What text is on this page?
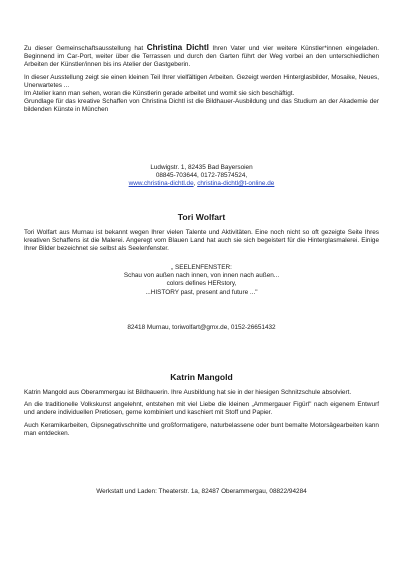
Zu dieser Gemeinschaftsausstellung hat Christina Dichtl Ihren Vater und vier weitere Künstler*innen eingeladen. Beginnend im Car-Port, weiter über die Terrassen und durch den Garten führt der Weg vorbei an den unterschiedlichen Arbeiten der Künstler/innen bis ins Atelier der Gastgeberin.
In dieser Ausstellung zeigt sie einen kleinen Teil Ihrer vielfältigen Arbeiten. Gezeigt werden Hinterglasbilder, Mosaike, Neues, Unerwartetes ...
Im Atelier kann man sehen, woran die Künstlerin gerade arbeitet und womit sie sich beschäftigt.
Grundlage für das kreative Schaffen von Christina Dichtl ist die Bildhauer-Ausbildung und das Studium an der Akademie der bildenden Künste in München
Ludwigstr. 1, 82435 Bad Bayersoien
08845-703644, 0172-78574524,
www.christina-dichtl.de, christina-dichtl@t-online.de
Tori Wolfart
Tori Wolfart aus Murnau ist bekannt wegen Ihrer vielen Talente und Aktivitäten. Eine noch nicht so oft gezeigte Seite Ihres kreativen Schaffens ist die Malerei. Angeregt vom Blauen Land hat auch sie sich begeistert für die Hinterglasmalerei. Einige Ihrer Bilder bezeichnet sie selbst als Seelenfenster.
„ SEELENFENSTER:
Schau von außen nach innen, von innen nach außen...
colors defines HERstory,
...HISTORY past, present and future ..."
82418 Murnau, toriwolfart@gmx.de, 0152-26651432
Katrin Mangold
Katrin Mangold aus Oberammergau ist Bildhauerin. Ihre Ausbildung hat sie in der hiesigen Schnitzschule absolviert.
An die traditionelle Volkskunst angelehnt, entstehen mit viel Liebe die kleinen „Ammergauer Figürl" nach eigenem Entwurf und andere individuellen Pretiosen, gerne kombiniert und kaschiert mit Stoff und Papier.
Auch Keramikarbeiten, Gipsnegativschnitte und großformatigere, naturbelassene oder bunt bemalte Motorsägearbeiten kann man entdecken.
Werkstatt und Laden: Theaterstr. 1a, 82487 Oberammergau, 08822/94284
